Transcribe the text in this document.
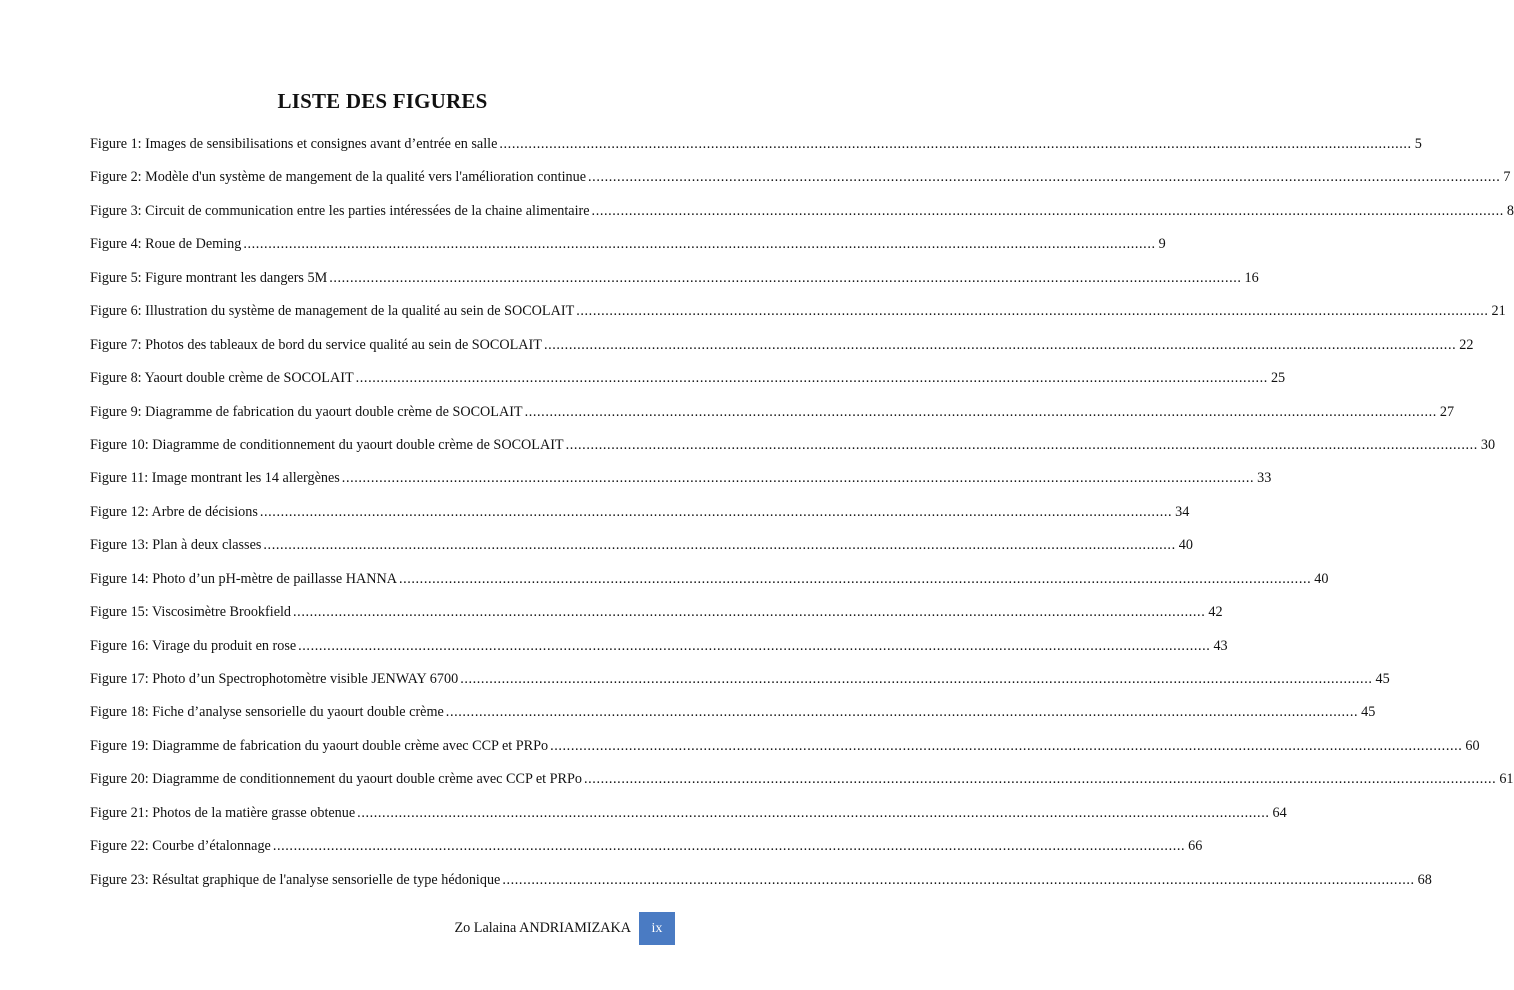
LISTE DES FIGURES
Figure 1: Images de sensibilisations et consignes avant d’entrée en salle ............................................................................................................................................................................................................................ 5
Figure 2: Modèle d'un système de mangement de la qualité vers l'amélioration continue ............................................................................................................................................................................................................................ 7
Figure 3: Circuit de communication entre les parties intéressées de la chaine alimentaire ............................................................................................................................................................................................................................ 8
Figure 4: Roue de Deming ............................................................................................................................................................................................................................ 9
Figure 5: Figure montrant les dangers 5M ............................................................................................................................................................................................................................ 16
Figure 6: Illustration du système de management de la qualité au sein de SOCOLAIT ............................................................................................................................................................................................................................ 21
Figure 7: Photos des tableaux de bord du service qualité au sein de SOCOLAIT ............................................................................................................................................................................................................................ 22
Figure 8: Yaourt double crème de SOCOLAIT ............................................................................................................................................................................................................................ 25
Figure 9: Diagramme de fabrication du yaourt double crème de SOCOLAIT ............................................................................................................................................................................................................................ 27
Figure 10: Diagramme de conditionnement du yaourt double crème de SOCOLAIT ............................................................................................................................................................................................................................ 30
Figure 11: Image montrant les 14 allergènes ............................................................................................................................................................................................................................ 33
Figure 12: Arbre de décisions ............................................................................................................................................................................................................................ 34
Figure 13: Plan à deux classes ............................................................................................................................................................................................................................ 40
Figure 14: Photo d’un pH-mètre de paillasse HANNA ............................................................................................................................................................................................................................ 40
Figure 15: Viscosimètre Brookfield ............................................................................................................................................................................................................................ 42
Figure 16: Virage du produit en rose ............................................................................................................................................................................................................................ 43
Figure 17: Photo d’un Spectrophotomètre visible JENWAY 6700 ............................................................................................................................................................................................................................ 45
Figure 18: Fiche d’analyse sensorielle du yaourt double crème ............................................................................................................................................................................................................................ 45
Figure 19: Diagramme de fabrication du yaourt double crème avec CCP et PRPo ............................................................................................................................................................................................................................ 60
Figure 20: Diagramme de conditionnement du yaourt double crème avec CCP et PRPo ............................................................................................................................................................................................................................ 61
Figure 21: Photos de la matière grasse obtenue ............................................................................................................................................................................................................................ 64
Figure 22: Courbe d’étalonnage ............................................................................................................................................................................................................................ 66
Figure 23: Résultat graphique de l'analyse sensorielle de type hédonique ............................................................................................................................................................................................................................ 68
Zo Lalaina ANDRIAMIZAKA	ix
